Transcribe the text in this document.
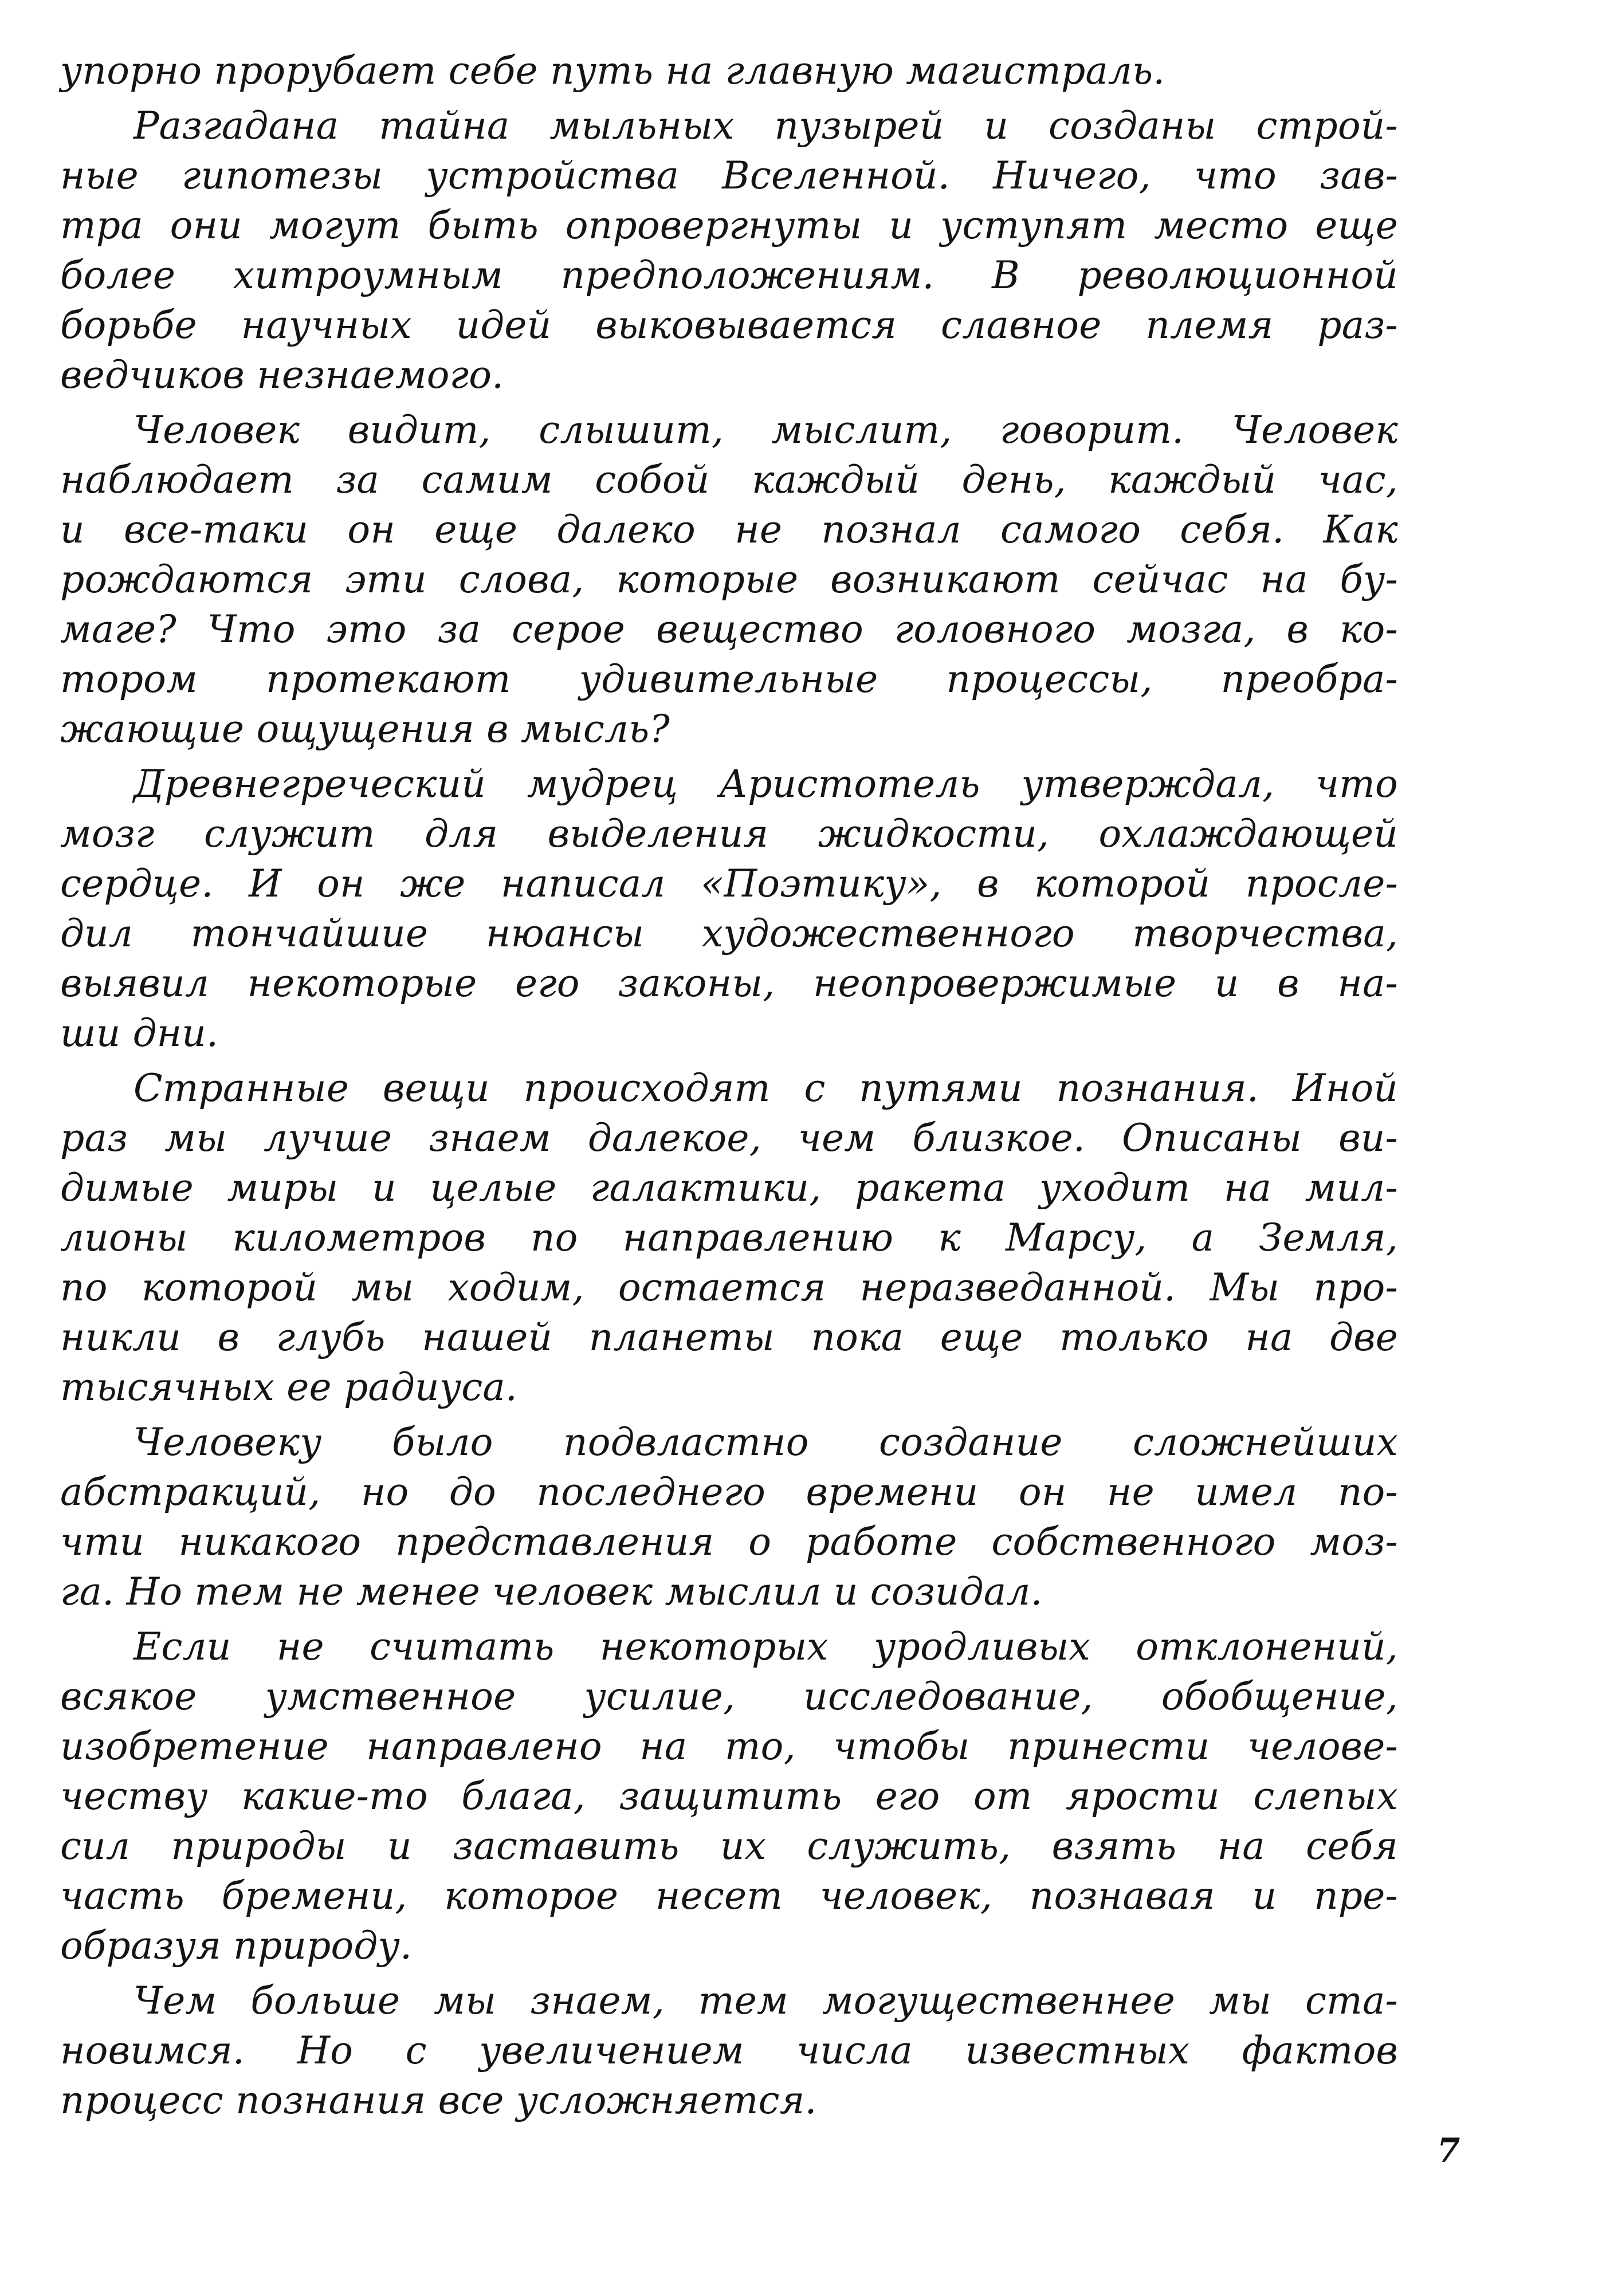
упорно прорубает себе путь на главную магистраль.
Разгадана тайна мыльных пузырей и созданы строй-
ные гипотезы устройства Вселенной. Ничего, что зав-
тра они могут быть опровергнуты и уступят место еще
более хитроумным предположениям. В революционной
борьбе научных идей выковывается славное племя раз-
ведчиков незнаемого.
Человек видит, слышит, мыслит, говорит. Человек
наблюдает за самим собой каждый день, каждый час,
и все-таки он еще далеко не познал самого себя. Как
рождаются эти слова, которые возникают сейчас на бу-
маге? Что это за серое вещество головного мозга, в ко-
тором протекают удивительные процессы, преобра-
жающие ощущения в мысль?
Древнегреческий мудрец Аристотель утверждал, что
мозг служит для выделения жидкости, охлаждающей
сердце. И он же написал «Поэтику», в которой просле-
дил тончайшие нюансы художественного творчества,
выявил некоторые его законы, неопровержимые и в на-
ши дни.
Странные вещи происходят с путями познания. Иной
раз мы лучше знаем далекое, чем близкое. Описаны ви-
димые миры и целые галактики, ракета уходит на мил-
лионы километров по направлению к Марсу, а Земля,
по которой мы ходим, остается неразведанной. Мы про-
никли в глубь нашей планеты пока еще только на две
тысячных ее радиуса.
Человеку было подвластно создание сложнейших
абстракций, но до последнего времени он не имел по-
чти никакого представления о работе собственного моз-
га. Но тем не менее человек мыслил и созидал.
Если не считать некоторых уродливых отклонений,
всякое умственное усилие, исследование, обобщение,
изобретение направлено на то, чтобы принести челове-
честву какие-то блага, защитить его от ярости слепых
сил природы и заставить их служить, взять на себя
часть бремени, которое несет человек, познавая и пре-
образуя природу.
Чем больше мы знаем, тем могущественнее мы ста-
новимся. Но с увеличением числа известных фактов
процесс познания все усложняется.
7
